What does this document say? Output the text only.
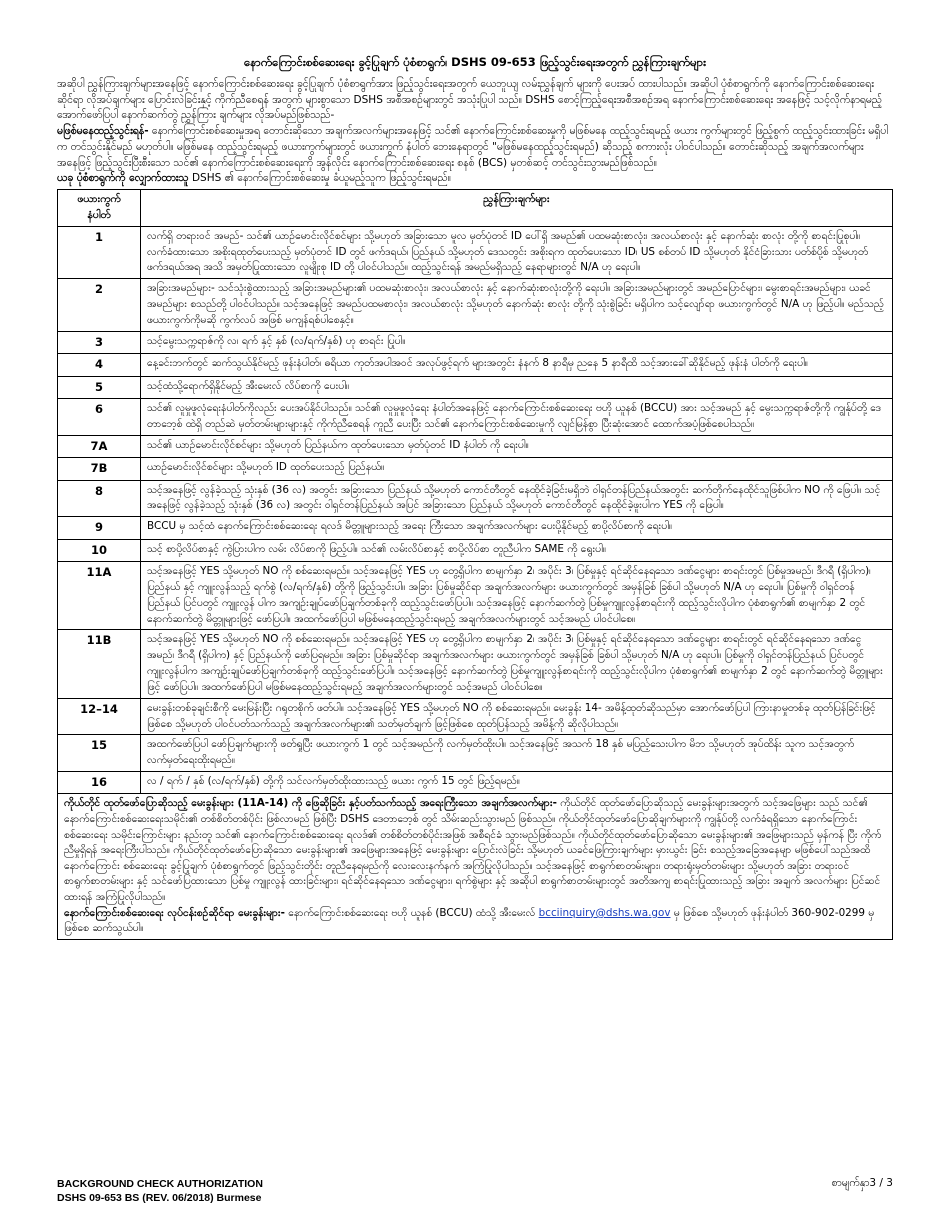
နောက်ကြောင်းစစ်ဆေးရေး ခွင့်ပြုချက် ပုံစံစာရွက်၊ DSHS 09-653 ဖြည့်သွင်းရေးအတွက် ညွှန်ကြားချက်များ

အဆိုပါ ညွှန်ကြားချက်များအနေဖြင့် နောက်ကြောင်းစစ်ဆေးရေး ခွင့်ပြုချက် ပုံစံစာရွက်အား ဖြည့်သွင်းရေးအတွက် ယေဘူယျ လမ်းညွှန်ချက် များကို ပေးအပ် ထားပါသည်။ အဆိုပါ ပုံစံစာရွက်ကို နောက်ကြောင်းစစ်ဆေးရေးဆိုင်ရာ လိုအပ်ချက်များ ပြောင်းလဲခြင်းနှင့် ကိုက်ညီစေရန် အတွက် များစွာသော DSHS အစီအစဉ်များတွင် အသုံးပြုပါ သည်။ DSHS စောင့်ကြည့်ရေးအစီအစဉ်အရ နောက်ကြောင်းစစ်ဆေးရေး အနေဖြင့် သင့်လိုက်နာရမည့် အောက်ဖော်ပြပါ နောက်ဆက်တွဲ ညွှန်ကြား ချက်များ လိုအပ်မည်ဖြစ်သည်-

မဖြစ်မနေထည့်သွင်းရန်- နောက်ကြောင်းစစ်ဆေးမှုအရ တောင်းဆိုသော အချက်အလက်များအနေဖြင့် သင်၏ နောက်ကြောင်းစစ်ဆေးမှုကို မဖြစ်မနေ ထည့်သွင်းရမည့် ဖယား ကွက်များတွင် ဖြည့်စွက် ထည့်သွင်းထားခြင်း မရှိပါက တင်သွင်းနိုင်မည် မဟုတ်ပါ။ မဖြစ်မနေ ထည့်သွင်းရမည့် ဖယားကွက်များတွင် ဖယားကွက် နံပါတ် ဘေးနေရာတွင် "မဖြစ်မနေထည့်သွင်းရမည်) ဆိုသည့် စကားလုံး ပါဝင်ပါသည်။ တောင်းဆိုသည့် အချက်အလက်များအနေဖြင့် ဖြည့်သွင်းပြီးစီးသော သင်၏ နောက်ကြောင်းစစ်ဆေးရေးကို အွန်လိုင်း နောက်ကြောင်းစစ်ဆေးရေး စနစ် (BCS) မှတစ်ဆင့် တင်သွင်းသွားမည်ဖြစ်သည်။

ယခု ပုံစံစာရွက်ကို လျှောက်ထားသူ DSHS ၏ နောက်ကြောင်းစစ်ဆေးမှု ခံယူမည့်သူက ဖြည့်သွင်းရမည်။

ဖယားကွက် နံပါတ်	ညွှန်ကြားချက်များ
1	လက်ရှိ တရားဝင် အမည်- သင်၏ ယာဉ်မောင်းလိုင်စင်များ သို့မဟုတ် အခြားသော မူလ မှတ်ပုံတင် ID ပေါ်ရှိ အမည်၏ ပထမဆုံးစာလုံး၊ အလယ်စာလုံး နှင့် နောက်ဆုံး စာလုံး တို့ကို စာရင်းပြုစုပါ။ လက်ခံထားသော အစိုးရထုတ်ပေးသည့် မှတ်ပုံတင် ID တွင် ဖက်ဒရယ်၊ ပြည်နယ် သို့မဟုတ် ဒေသတွင်း အစိုးရက ထုတ်ပေးသော ID၊ US စစ်တပ် ID သို့မဟုတ် နိုင်ငံခြားသား ပတ်စ်ပို့စ် သို့မဟုတ် ဖက်ဒရယ်အရ အသိ အမှတ်ပြုထားသော လူမျိုးစု ID တို့ ပါဝင်ပါသည်။ ထည့်သွင်းရန် အမည်မရှိသည့် နေရာများတွင် N/A ဟု ရေးပါ။
2	အခြားအမည်များ- သင်သုံးစွဲထားသည့် အခြားအမည်များ၏ ပထမဆုံးစာလုံး၊ အလယ်စာလုံး နှင့် နောက်ဆုံးစာလုံးတို့ကို ရေးပါ။ အခြားအမည်များတွင် အမည်ပြောင်များ၊ မွေးစာရင်းအမည်များ၊ ယခင်အမည်များ စသည်တို့ ပါဝင်ပါသည်။ သင့်အနေဖြင့် အမည်ပထမစာလုံး၊ အလယ်စာလုံး သို့မဟုတ် နောက်ဆုံး စာလုံး တို့ကို သုံးစွဲခြင်း မရှိပါက သင့်လျော်ရာ ဖယားကွက်တွင် N/A ဟု ဖြည့်ပါ။ မည်သည့်ဖယားကွက်ကိုမဆို ကွက်လပ် အဖြစ် မကျန်ရစ်ပါစေနှင့်။
3	သင့်မွေးသက္ကရာဇ်ကို လ၊ ရက် နှင့် နှစ် (လ/ရက်/နှစ်) ဟု စာရင်း ပြုပါ။
4	နေ့ခင်းဘက်တွင် ဆက်သွယ်နိုင်မည့် ဖုန်းနံပါတ်၊ ဓရိယာ ကုတ်အပါအဝင် အလုပ်ဖွင့်ရက် များအတွင်း နံနက် 8 နာရီမှ ညနေ 5 နာရီထိ သင့်အားခေါ်ဆိုနိုင်မည့် ဖုန်းနံ ပါတ်ကို ရေးပါ။
5	သင့်ထံသို့ရောက်ရှိနိုင်မည့် အီးမေးလ် လိပ်စာကို ပေးပါ။
6	သင်၏ လူမှုဖူလုံရေးနံပါတ်ကိုလည်း ပေးအပ်နိုင်ပါသည်။ သင်၏ လူမှုဖူလုံရေး နံပါတ်အနေဖြင့် နောက်ကြောင်းစစ်ဆေးရေး ဗဟို ယူနစ် (BCCU) အား သင့်အမည် နှင့် မွေးသက္ကရာဇ်တို့ကို ကျွန်ုပ်တို့ ဒေတာဘေ့စ် ထဲရှိ တည်ဆဲ မှတ်တမ်းများများနှင့် ကိုက်ညီစေရန် ကူညီ ပေးပြီး သင်၏ နောက်ကြောင်းစစ်ဆေးမှုကို လျင်မြန်စွာ ပြီးဆုံးအောင် ထောက်အပံ့ဖြစ်စေပါသည်။
7A	သင်၏ ယာဉ်မောင်းလိုင်စင်များ သို့မဟုတ် ပြည်နယ်က ထုတ်ပေးသော မှတ်ပုံတင် ID နံပါတ် ကို ရေးပါ။
7B	ယာဉ်မောင်းလိုင်စင်များ သို့မဟုတ် ID ထုတ်ပေးသည့် ပြည်နယ်။
8	သင့်အနေဖြင့် လွန်ခဲ့သည့် သုံးနှစ် (36 လ) အတွင်း အခြားသော ပြည်နယ် သို့မဟုတ် ကောင်တီတွင် နေထိုင်ခဲ့ခြင်းမရှိဘဲ ဝါရှင်တန်ပြည်နယ်အတွင်း ဆက်တိုက်နေထိုင်သူဖြစ်ပါက NO ကို ဖြေပါ။ သင့်အနေဖြင့် လွန်ခဲ့သည့် သုံးနှစ် (36 လ) အတွင်း ဝါရှင်တန်ပြည်နယ် အပြင် အခြားသော ပြည်နယ် သို့မဟုတ် ကောင်တီတွင် နေထိုင်ခဲ့ဖူးပါက YES ကို ဖြေပါ။
9	BCCU မှ သင့်ထံ နောက်ကြောင်းစစ်ဆေးရေး ရလဒ် မိတ္တူများသည့် အရေး ကြီးသော အချက်အလက်များ ပေးပို့နိုင်မည့် စာပို့လိပ်စာကို ရေးပါ။
10	သင့် စာပို့လိပ်စာနှင့် ကွဲပြားပါက လမ်း လိပ်စာကို ဖြည့်ပါ။ သင်၏ လမ်းလိပ်စာနှင့် စာပို့လိပ်စာ တူညီပါက SAME ကို ရွေးပါ။
11A	သင့်အနေဖြင့် YES သို့မဟုတ် NO ကို စစ်ဆေးရမည်။ သင့်အနေဖြင့် YES ဟု တွေ့ရှိပါက စာမျက်နှာ 2၊ အပိုင်း 3၊ ပြစ်မှုနှင့် ရင်ဆိုင်နေရသော ဒဏ်ငွေများ စာရင်းတွင် ပြစ်မှုအမည်၊ ဒီဂရီ (ရှိပါက)၊ ပြည်နယ် နှင့် ကျူးလွန်သည့် ရက်စွဲ (လ/ရက်/နှစ်) တို့ကို ဖြည့်သွင်းပါ။ အခြား ပြစ်မှုဆိုင်ရာ အချက်အလက်များ ဖယားကွက်တွင် အမှန်ခြစ် ခြစ်ပါ သို့မဟုတ် N/A ဟု ရေးပါ။ ပြစ်မှုကို ဝါရှင်တန်ပြည်နယ် ပြင်ပတွင် ကျူးလွန် ပါက အကျဉ်းချုပ်ဖော်ပြချက်တစ်ခုကို ထည့်သွင်းဖော်ပြပါ။ သင့်အနေဖြင့် နောက်ဆက်တွဲ ပြစ်မှုကျူးလွန်စာရင်းကို ထည့်သွင်းလိုပါက ပုံစံစာရွက်၏ စာမျက်နှာ 2 တွင် နောက်ဆက်တွဲ မိတ္တူများဖြင့် ဖော်ပြပါ။ အထက်ဖော်ပြပါ မဖြစ်မနေထည့်သွင်းရမည့် အချက်အလက်များတွင် သင့်အမည် ပါဝင်ပါစေ။
11B	သင့်အနေဖြင့် YES သို့မဟုတ် NO ကို စစ်ဆေးရမည်။ သင့်အနေဖြင့် YES ဟု တွေ့ရှိပါက စာမျက်နှာ 2၊ အပိုင်း 3၊ ပြစ်မှုနှင့် ရင်ဆိုင်နေရသော ဒဏ်ငွေများ စာရင်းတွင် ရင်ဆိုင်နေရသော ဒဏ်ငွေ အမည်၊ ဒီဂရီ (ရှိပါက) နှင့် ပြည်နယ်ကို ဖော်ပြရမည်။ အခြား ပြစ်မှုဆိုင်ရာ အချက်အလက်များ ဖယားကွက်တွင် အမှန်ခြစ် ခြစ်ပါ သို့မဟုတ် N/A ဟု ရေးပါ။ ပြစ်မှုကို ဝါရှင်တန်ပြည်နယ် ပြင်ပတွင် ကျူးလွန်ပါက အကျဉ်းချုပ်ဖော်ပြချက်တစ်ခုကို ထည့်သွင်းဖော်ပြပါ။ သင့်အနေဖြင့် နောက်ဆက်တွဲ ပြစ်မှုကျူးလွန်စာရင်းကို ထည့်သွင်းလိုပါက ပုံစံစာရွက်၏ စာမျက်နှာ 2 တွင် နောက်ဆက်တွဲ မိတ္တူများဖြင့် ဖော်ပြပါ။ အထက်ဖော်ပြပါ မဖြစ်မနေထည့်သွင်းရမည့် အချက်အလက်များတွင် သင့်အမည် ပါဝင်ပါစေ။
12–14	မေးခွန်းတစ်ခုချင်းစီကို မေးမြန်းပြီး ဂရုတစိုက် ဖတ်ပါ။ သင့်အနေဖြင့် YES သို့မဟုတ် NO ကို စစ်ဆေးရမည်။ မေးခွန်း 14- အမိန့်ထုတ်ဆိုသည်မှာ အောက်ဖော်ပြပါ ကြားနာမှုတစ်ခု ထုတ်ပြန်ခြင်းဖြင့် ဖြစ်စေ သို့မဟုတ် ပါဝင်ပတ်သက်သည့် အချက်အလက်များ၏ သတ်မှတ်ချက် ဖြင့်ဖြစ်စေ ထုတ်ပြန်သည့် အမိန့်ကို ဆိုလိုပါသည်။
15	အထက်ဖော်ပြပါ ဖော်ပြချက်များကို ဖတ်ရှုပြီး ဖယားကွက် 1 တွင် သင့်အမည်ကို လက်မှတ်ထိုးပါ။ သင့်အနေဖြင့် အသက် 18 နှစ် မပြည့်သေးပါက မိဘ သို့မဟုတ် အုပ်ထိန်း သူက သင့်အတွက် လက်မှတ်ရေးထိုးရမည်။
16	လ / ရက် / နှစ် (လ/ရက်/နှစ်) တို့ကို သင်လက်မှတ်ထိုးထားသည့် ဖယား ကွက် 15 တွင် ဖြည့်ရမည်။
ကိုယ်တိုင် ထုတ်ဖော်ပြောဆိုသည့် မေးခွန်းများ (11A-14) ကို ဖြေဆိုခြင်း နှင့်ပတ်သက်သည့် အရေးကြီးသော အချက်အလက်များ- ကိုယ်တိုင် ထုတ်ဖော်ပြောဆိုသည့် မေးခွန်းများအတွက် သင့်အဖြေများ သည် သင်၏ နောက်ကြောင်းစစ်ဆေးရေးသမိုင်း၏ တစ်စိတ်တစ်ပိုင်း ဖြစ်လာမည် ဖြစ်ပြီး DSHS ဒေတာဘေ့စ် တွင် သိမ်းဆည်းသွားမည် ဖြစ်သည်။ ကိုယ်တိုင်ထုတ်ဖော်ပြောဆိုချက်များကို ကျွန်ုပ်တို့ လက်ခံရရှိသော နောက်ကြောင်းစစ်ဆေးရေး သမိုင်းကြောင်းများ နည်းတူ သင်၏ နောက်ကြောင်းစစ်ဆေးရေး ရလဒ်၏ တစ်စိတ်တစ်ပိုင်းအဖြစ် အစီရင်ခံ သွားမည်ဖြစ်သည်။ ကိုယ်တိုင်ထုတ်ဖော်ပြောဆိုသော မေးခွန်းများ၏ အဖြေများသည် မှန်ကန် ပြီး ကိုက်ညီမှုရှိရန် အရေးကြီးပါသည်။ ကိုယ်တိုင်ထုတ်ဖော်ပြောဆိုသော မေးခွန်းများ၏ အဖြေများအနေဖြင့် မေးခွန်းများ ပြောင်းလဲခြင်း သို့မဟုတ် ယခင်ဖြေကြားချက်များ မှားယွင်း ခြင်း စသည့်အခြေအနေမျာ မဖြစ်ပေါ်သည်အထိ နောက်ကြောင်း စစ်ဆေးရေး ခွင့်ပြုချက် ပုံစံစာရွက်တွင် ဖြည့်သွင်းတိုင်း တူညီနေရမည်ကို လေးလေးနက်နက် အကြံပြုလိုပါသည်။ သင့်အနေဖြင့် စာရွက်စာတမ်းများ၊ တရားရုံးမှတ်တမ်းများ သို့မဟုတ် အခြား တရားဝင် စာရွက်စာတမ်းများ နှင့် သင်ဖော်ပြထားသော ပြစ်မှု ကျူးလွန် ထားခြင်းများ၊ ရင်ဆိုင်နေရသော ဒဏ်ငွေများ၊ ရက်စွဲများ နှင့် အဆိုပါ စာရွက်စာတမ်းများတွင် အတိအကျ စာရင်းပြုထားသည့် အခြား အချက် အလက်များ ပြင်ဆင်ထားရန် အကြံပြုလိုပါသည်။
နောက်ကြောင်းစစ်ဆေးရေး လုပ်ငန်းစဉ်ဆိုင်ရာ မေးခွန်းများ- နောက်ကြောင်းစစ်ဆေးရေး ဗဟို ယူနစ် (BCCU) ထံသို့ အီးမေးလ် bcciinquiry@dshs.wa.gov မှ ဖြစ်စေ သို့မဟုတ် ဖုန်းနံပါတ် 360-902-0299 မှဖြစ်စေ ဆက်သွယ်ပါ။	
BACKGROUND CHECK AUTHORIZATION
DSHS 09-653 BS (REV. 06/2018) Burmese
စာမျက်နှာ3 / 3
